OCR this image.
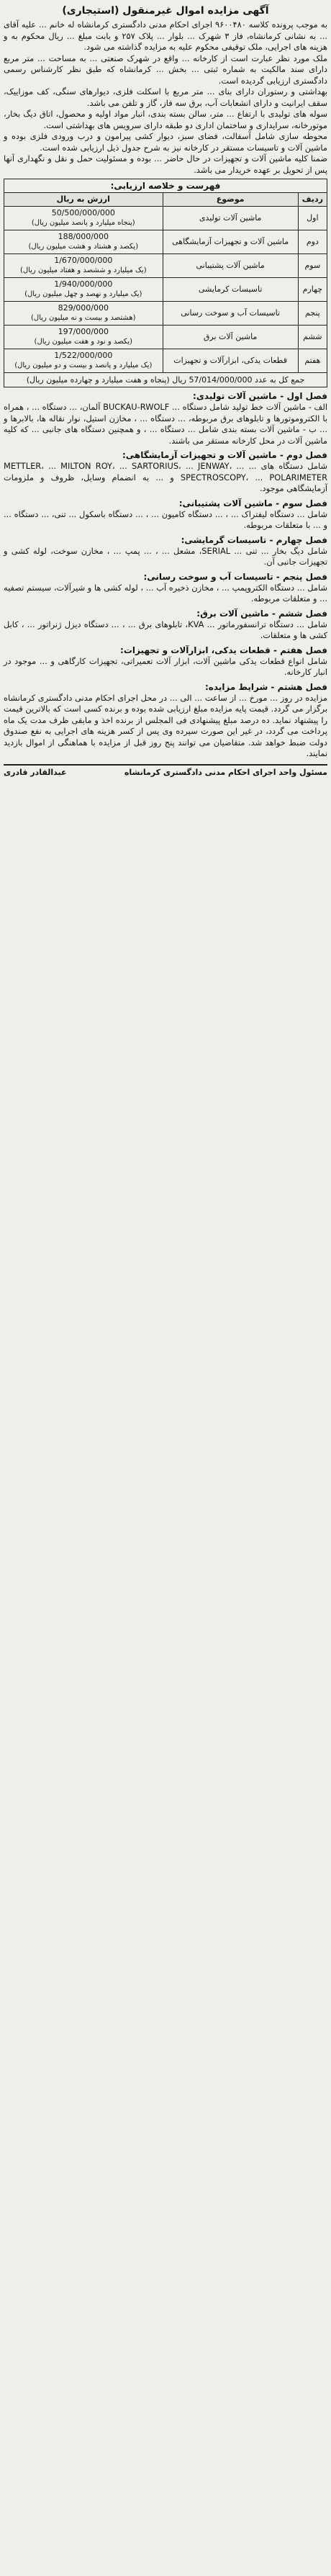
آگهی مزایده اموال غیرمنقول (استیجاری)

به موجب پرونده کلاسه ۹۶۰۰۴۸۰ اجرای احکام مدنی دادگستری کرمانشاه له خانم ... علیه آقای ... به نشانی کرمانشاه، فاز ۳ شهرک ... بلوار ... پلاک ۲۵۷ و بابت مبلغ ... ریال محکوم به و هزینه های اجرایی، ملک توقیفی محکوم علیه به مزایده گذاشته می شود.

ملک مورد نظر عبارت است از کارخانه ... واقع در شهرک صنعتی ... به مساحت ... متر مربع دارای سند مالکیت به شماره ثبتی ... بخش ... کرمانشاه که طبق نظر کارشناس رسمی دادگستری ارزیابی گردیده است.

بهداشتی و رستوران دارای بنای ... متر مربع با اسکلت فلزی، دیوارهای سنگی، کف موزاییک، سقف ایرانیت و دارای انشعابات آب، برق سه فاز، گاز و تلفن می باشد.

سوله های تولیدی با ارتفاع ... متر، سالن بسته بندی، انبار مواد اولیه و محصول، اتاق دیگ بخار، موتورخانه، سرایداری و ساختمان اداری دو طبقه دارای سرویس های بهداشتی است.

محوطه سازی شامل آسفالت، فضای سبز، دیوار کشی پیرامون و درب ورودی فلزی بوده و ماشین آلات و تاسیسات مستقر در کارخانه نیز به شرح جدول ذیل ارزیابی شده است.

ضمنا کلیه ماشین آلات و تجهیزات در حال حاضر ... بوده و مسئولیت حمل و نقل و نگهداری آنها پس از تحویل بر عهده خریدار می باشد.

فهرست و خلاصه ارزیابی:
ردیف	موضوع	ارزش به ریال
اول	ماشین آلات تولیدی	50/500/000/000
(پنجاه میلیارد و پانصد میلیون ریال)

دوم	ماشین آلات و تجهیزات آزمایشگاهی	188/000/000
(یکصد و هشتاد و هشت میلیون ریال)

سوم	ماشین آلات پشتیبانی	1/670/000/000
(یک میلیارد و ششصد و هفتاد میلیون ریال)

چهارم	تاسیسات کرمایشی	1/940/000/000
(یک میلیارد و نهصد و چهل میلیون ریال)

پنجم	تاسیسات آب و سوخت رسانی	829/000/000
(هشتصد و بیست و نه میلیون ریال)

ششم	ماشین آلات برق	197/000/000
(یکصد و نود و هفت میلیون ریال)

هفتم	قطعات یدکی، ابزارآلات و تجهیزات	1/522/000/000
(یک میلیارد و پانصد و بیست و دو میلیون ریال)
جمع کل به عدد 57/014/000/000 ریال (پنجاه و هفت میلیارد و چهارده میلیون ریال)
فصل اول - ماشین آلات تولیدی:

الف - ماشین آلات خط تولید شامل دستگاه ... BUCKAU-RWOLF آلمان، ... دستگاه ... ، همراه با الکتروموتورها و تابلوهای برق مربوطه، ... دستگاه ... ، مخازن استیل، نوار نقاله ها، بالابرها و ... ب - ماشین آلات بسته بندی شامل ... دستگاه ... ، و همچنین دستگاه های جانبی ... که کلیه ماشین آلات در محل کارخانه مستقر می باشند.

فصل دوم - ماشین آلات و تجهیزات آزمایشگاهی:

شامل دستگاه های ... METTLER، ... MILTON ROY، ... SARTORIUS، ... JENWAY، ... SPECTROSCOPY، ... POLARIMETER و ... به انضمام وسایل، ظروف و ملزومات آزمایشگاهی موجود.

فصل سوم - ماشین آلات پشتیبانی:

شامل ... دستگاه لیفتراک ... ، ... دستگاه کامیون ... ، ... دستگاه باسکول ... تنی، ... دستگاه ... و ... با متعلقات مربوطه.

فصل چهارم - تاسیسات گرمایشی:

شامل دیگ بخار ... تنی ... SERIAL، مشعل ... ، ... پمپ ... ، مخازن سوخت، لوله کشی و تجهیزات جانبی آن.

فصل پنجم - تاسیسات آب و سوخت رسانی:

شامل ... دستگاه الکتروپمپ ... ، مخازن ذخیره آب ... ، لوله کشی ها و شیرآلات، سیستم تصفیه ... و متعلقات مربوطه.

فصل ششم - ماشین آلات برق:

شامل ... دستگاه ترانسفورماتور ... KVA، تابلوهای برق ... ، ... دستگاه دیزل ژنراتور ... ، کابل کشی ها و متعلقات.

فصل هفتم - قطعات یدکی، ابزارآلات و تجهیزات:

شامل انواع قطعات یدکی ماشین آلات، ابزار آلات تعمیراتی، تجهیزات کارگاهی و ... موجود در انبار کارخانه.

فصل هشتم - شرایط مزایده:

مزایده در روز ... مورخ ... از ساعت ... الی ... در محل اجرای احکام مدنی دادگستری کرمانشاه برگزار می گردد. قیمت پایه مزایده مبلغ ارزیابی شده بوده و برنده کسی است که بالاترین قیمت را پیشنهاد نماید. ده درصد مبلغ پیشنهادی فی المجلس از برنده اخذ و مابقی ظرف مدت یک ماه پرداخت می گردد، در غیر این صورت سپرده وی پس از کسر هزینه های اجرایی به نفع صندوق دولت ضبط خواهد شد. متقاضیان می توانند پنج روز قبل از مزایده با هماهنگی از اموال بازدید نمایند.

مسئول واحد اجرای احکام مدنی دادگستری کرمانشاه
عبدالقادر قادری
